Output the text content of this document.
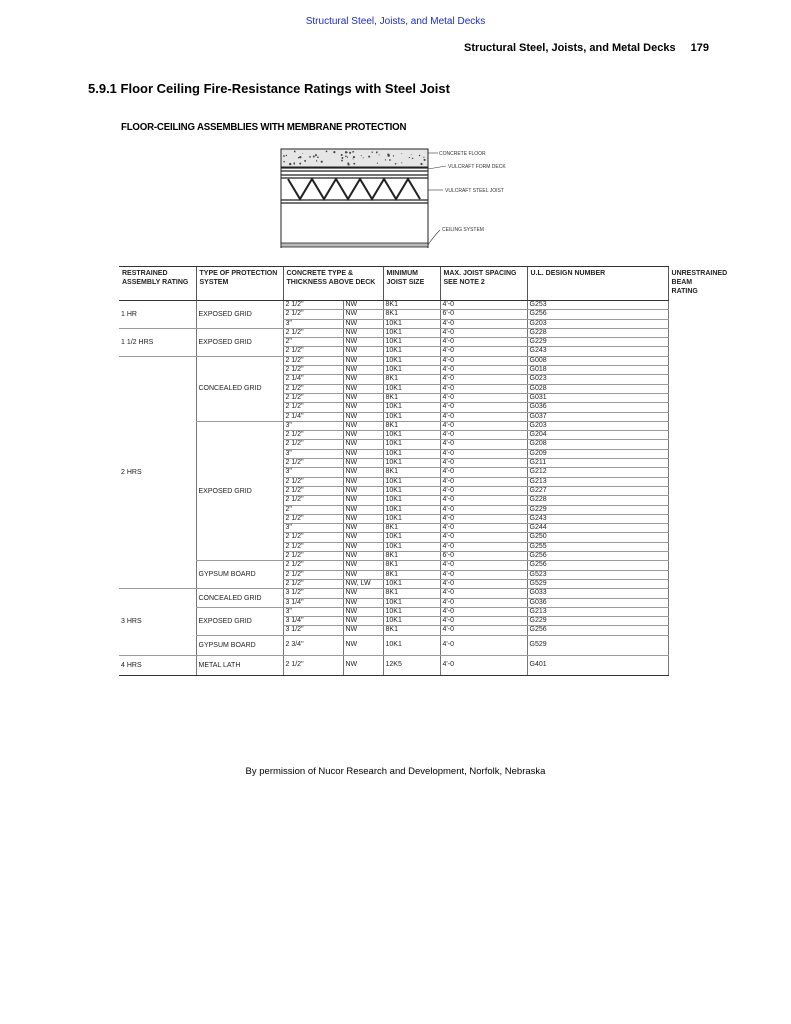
Structural Steel, Joists, and Metal Decks
Structural Steel, Joists, and Metal Decks 179
5.9.1 Floor Ceiling Fire-Resistance Ratings with Steel Joist
FLOOR-CEILING ASSEMBLIES WITH MEMBRANE PROTECTION
CONCRETE FLOOR
VULCRAFT FORM DECK
VULCRAFT STEEL JOIST
CEILING SYSTEM
RESTRAINED ASSEMBLY RATING	TYPE OF PROTECTION SYSTEM	CONCRETE TYPE & THICKNESS ABOVE DECK		MINIMUM JOIST SIZE	MAX. JOIST SPACING SEE NOTE 2	U.L. DESIGN NUMBER	UNRESTRAINED BEAM RATING
1 HR	EXPOSED GRID	2 1/2"	NW	8K1	4'-0	G253	
		2 1/2"	NW	8K1	6'-0	G256	
		3"	NW	10K1	4'-0	G203	
1 1/2 HRS	EXPOSED GRID	2 1/2"	NW	10K1	4'-0	G228	
		2"	NW	10K1	4'-0	G229	
		2 1/2"	NW	10K1	4'-0	G243	
2 HRS	CONCEALED GRID	2 1/2"	NW	10K1	4'-0	G008	
		2 1/2"	NW	10K1	4'-0	G018	
		2 1/4"	NW	8K1	4'-0	G023	
		2 1/2"	NW	10K1	4'-0	G028	
		2 1/2"	NW	8K1	4'-0	G031	
		2 1/2"	NW	10K1	4'-0	G036	
		2 1/4"	NW	10K1	4'-0	G037	
	EXPOSED GRID	3"	NW	8K1	4'-0	G203	
		2 1/2"	NW	10K1	4'-0	G204	
		2 1/2"	NW	10K1	4'-0	G208	
		3"	NW	10K1	4'-0	G209	
		2 1/2"	NW	10K1	4'-0	G211	
		3"	NW	8K1	4'-0	G212	
		2 1/2"	NW	10K1	4'-0	G213	
		2 1/2"	NW	10K1	4'-0	G227	
		2 1/2"	NW	10K1	4'-0	G228	
		2"	NW	10K1	4'-0	G229	
		2 1/2"	NW	10K1	4'-0	G243	
		3"	NW	8K1	4'-0	G244	
		2 1/2"	NW	10K1	4'-0	G250	
		2 1/2"	NW	10K1	4'-0	G255	
		2 1/2"	NW	8K1	6'-0	G256	
	GYPSUM BOARD	2 1/2"	NW	8K1	4'-0	G256	
		2 1/2"	NW	8K1	4'-0	G523	
		2 1/2"	NW, LW	10K1	4'-0	G529	
3 HRS	CONCEALED GRID	3 1/2"	NW	8K1	4'-0	G033	
		3 1/4"	NW	10K1	4'-0	G036	
	EXPOSED GRID	3"	NW	10K1	4'-0	G213	
		3 1/4"	NW	10K1	4'-0	G229	
		3 1/2"	NW	8K1	4'-0	G256	
	GYPSUM BOARD	2 3/4"	NW	10K1	4'-0	G529	
4 HRS	METAL LATH	2 1/2"	NW	12K5	4'-0	G401	
By permission of Nucor Research and Development, Norfolk, Nebraska
